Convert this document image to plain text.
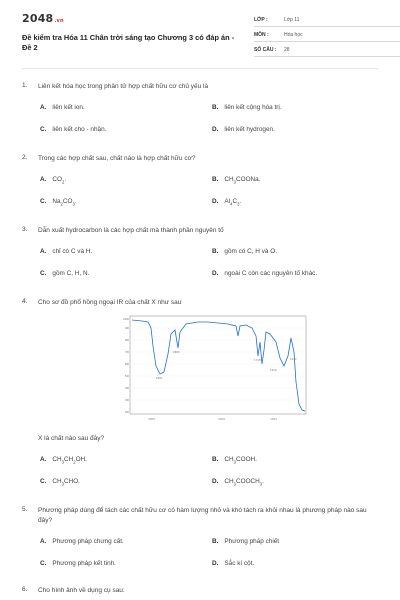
2048.vn
Đề kiểm tra Hóa 11 Chân trời sáng tạo Chương 3 có đáp án - Đề 2
LỚP :	Lớp 11
MÔN :	Hóa học
SỐ CÂU : 28
1. Liên kết hóa học trong phân tử hợp chất hữu cơ chủ yếu là
A. liên kết ion.	B. liên kết cộng hóa trị.
C. liên kết cho - nhận.	D. liên kết hydrogen.
2. Trong các hợp chất sau, chất nào là hợp chất hữu cơ?
A. $CO_2$.	B. $CH_3COONa$.
C. $Na_2CO_3$.	D. $Al_4C_3$.
3. Dẫn xuất hydrocarbon là các hợp chất mà thành phần nguyên tố
A. chỉ có C và H.	B. gồm có C, H và O.
C. gồm C, H, N.	D. ngoài C còn các nguyên tố khác.
4. Cho sơ đồ phổ hồng ngoại IR của chất X như sau
100
90
80
70
60
50
40
30
20
2981
2685
1718
1420
1292
4000	3000	2000
X là chất nào sau đây?
A. $CH_3CH_2OH$.	B. $CH_3COOH$.
C. $CH_3CHO$.	D. $CH_3COOCH_3$.
5. Phương pháp dùng để tách các chất hữu cơ có hàm lượng nhỏ và khó tách ra khỏi nhau là phương pháp nào sau đây?
A. Phương pháp chưng cất.	B. Phương pháp chiết
C. Phương pháp kết tinh.	D. Sắc kí cột.
6. Cho hình ảnh về dụng cụ sau:
